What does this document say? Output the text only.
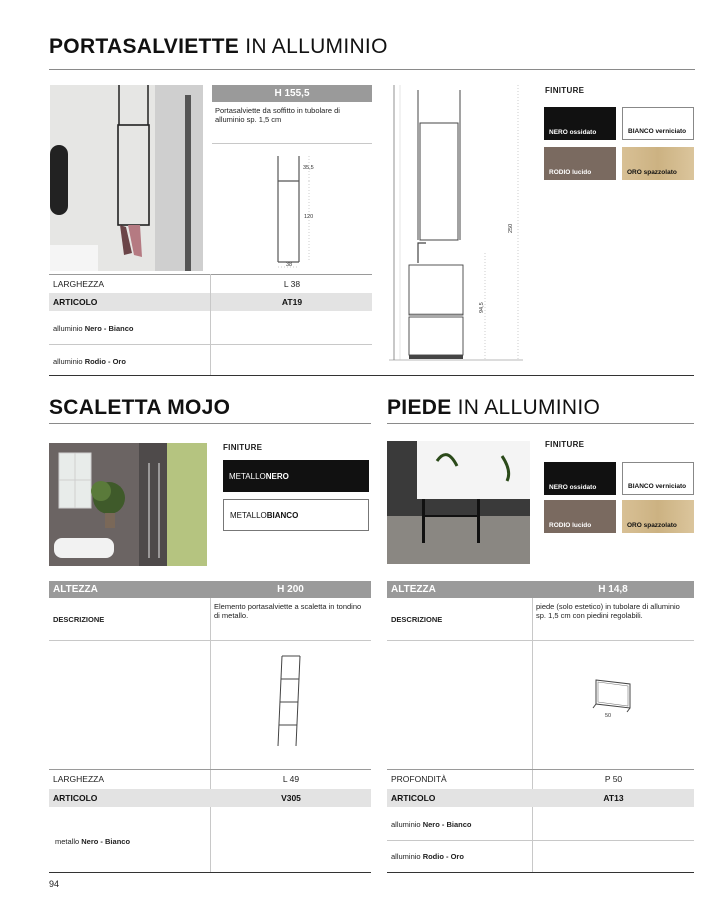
PORTASALVIETTE IN ALLUMINIO
H 155,5
Portasalviette da soffitto in tubolare di alluminio sp. 1,5 cm
35,5
120
38
LARGHEZZA	L 38
ARTICOLO	AT19
alluminio Nero - Bianco
alluminio Rodio - Oro
250
94,5
FINITURE
NERO ossidato	BIANCO verniciato
RODIO lucido	ORO spazzolato
SCALETTA MOJO
FINITURE
METALLO NERO
METALLO BIANCO
ALTEZZA	H 200
DESCRIZIONE
Elemento portasalviette a scaletta in tondino di metallo.
LARGHEZZA	L 49
ARTICOLO	V305
metallo Nero - Bianco
PIEDE IN ALLUMINIO
FINITURE
NERO ossidato	BIANCO verniciato
RODIO lucido	ORO spazzolato
ALTEZZA	H 14,8
DESCRIZIONE
piede (solo estetico) in tubolare di alluminio sp. 1,5 cm con piedini regolabili.
50
PROFONDITÀ	P 50
ARTICOLO	AT13
alluminio Nero - Bianco
alluminio Rodio - Oro
94
